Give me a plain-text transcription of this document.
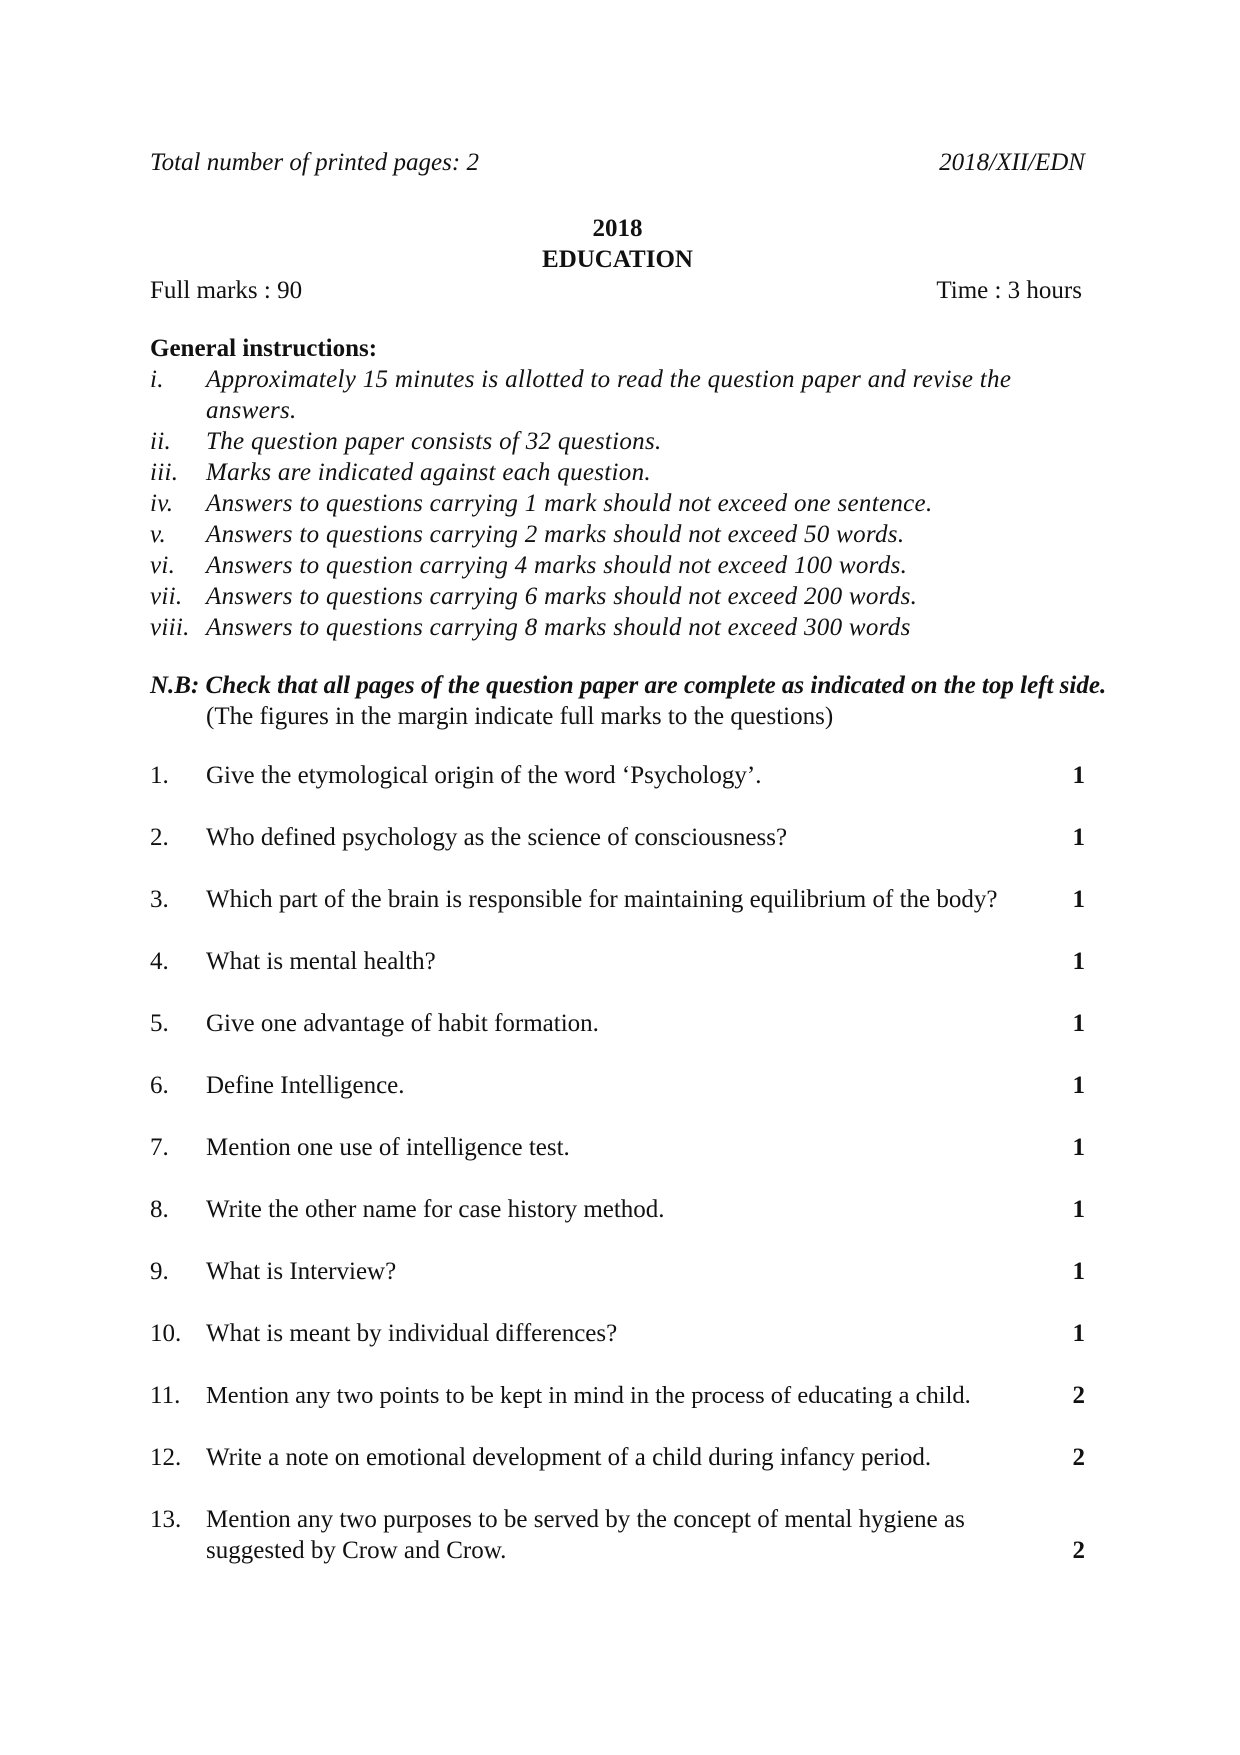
Total number of printed pages: 2	2018/XII/EDN
2018
EDUCATION
Full marks : 90	Time : 3 hours
General instructions:
i.	Approximately 15 minutes is allotted to read the question paper and revise the answers.
ii.	The question paper consists of 32 questions.
iii.	Marks are indicated against each question.
iv.	Answers to questions carrying 1 mark should not exceed one sentence.
v.	Answers to questions carrying 2 marks should not exceed 50 words.
vi.	Answers to question carrying 4 marks should not exceed 100 words.
vii. Answers to questions carrying 6 marks should not exceed 200 words.
viii. Answers to questions carrying 8 marks should not exceed 300 words
N.B: Check that all pages of the question paper are complete as indicated on the top left side.
(The figures in the margin indicate full marks to the questions)
1.	Give the etymological origin of the word ‘Psychology’.	1
2.	Who defined psychology as the science of consciousness?	1
3.	Which part of the brain is responsible for maintaining equilibrium of the body?	1
4.	What is mental health?	1
5.	Give one advantage of habit formation.	1
6.	Define Intelligence.	1
7.	Mention one use of intelligence test.	1
8.	Write the other name for case history method.	1
9.	What is Interview?	1
10. What is meant by individual differences?	1
11.	Mention any two points to be kept in mind in the process of educating a child.	2
12. Write a note on emotional development of a child during infancy period.	2
13. Mention any two purposes to be served by the concept of mental hygiene as suggested by Crow and Crow.	2
